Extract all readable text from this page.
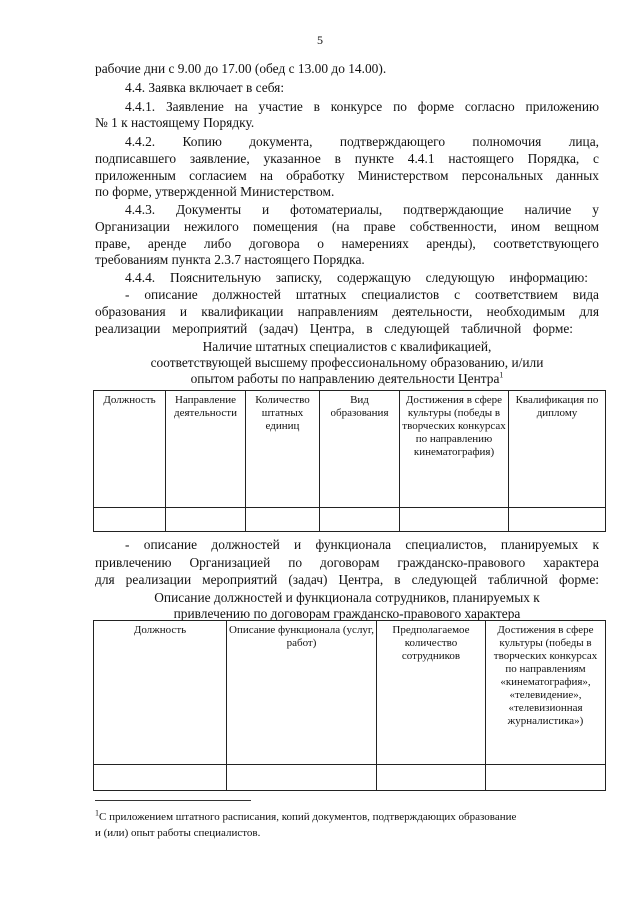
5
рабочие дни с 9.00 до 17.00 (обед с 13.00 до 14.00).
4.4. Заявка включает в себя:
4.4.1. Заявление на участие в конкурсе по форме согласно приложению
№ 1 к настоящему Порядку.
4.4.2. Копию документа, подтверждающего полномочия лица,
подписавшего заявление, указанное в пункте 4.4.1 настоящего Порядка, с
приложенным согласием на обработку Министерством персональных данных
по форме, утвержденной Министерством.
4.4.3. Документы и фотоматериалы, подтверждающие наличие у
Организации нежилого помещения (на праве собственности, ином вещном
праве, аренде либо договора о намерениях аренды), соответствующего
требованиям пункта 2.3.7 настоящего Порядка.
4.4.4. Пояснительную записку, содержащую следующую информацию:
- описание должностей штатных специалистов с соответствием вида
образования и квалификации направлениям деятельности, необходимым для
реализации мероприятий (задач) Центра, в следующей табличной форме:
Наличие штатных специалистов с квалификацией,
соответствующей высшему профессиональному образованию, и/или
опытом работы по направлению деятельности Центра$^1$
Должность	Направление деятельности	Количество штатных единиц	Вид образования	Достижения в сфере культуры (победы в творческих конкурсах по направлению кинематография)	Квалификация по диплому

- описание должностей и функционала специалистов, планируемых к
привлечению Организацией по договорам гражданско-правового характера
для реализации мероприятий (задач) Центра, в следующей табличной форме:
Описание должностей и функционала сотрудников, планируемых к
привлечению по договорам гражданско-правового характера
Должность	Описание функционала (услуг, работ)	Предполагаемое количество сотрудников	Достижения в сфере культуры (победы в творческих конкурсах по направлениям «кинематография», «телевидение», «телевизионная журналистика»)

$^1$С приложением штатного расписания, копий документов, подтверждающих образование
и (или) опыт работы специалистов.
